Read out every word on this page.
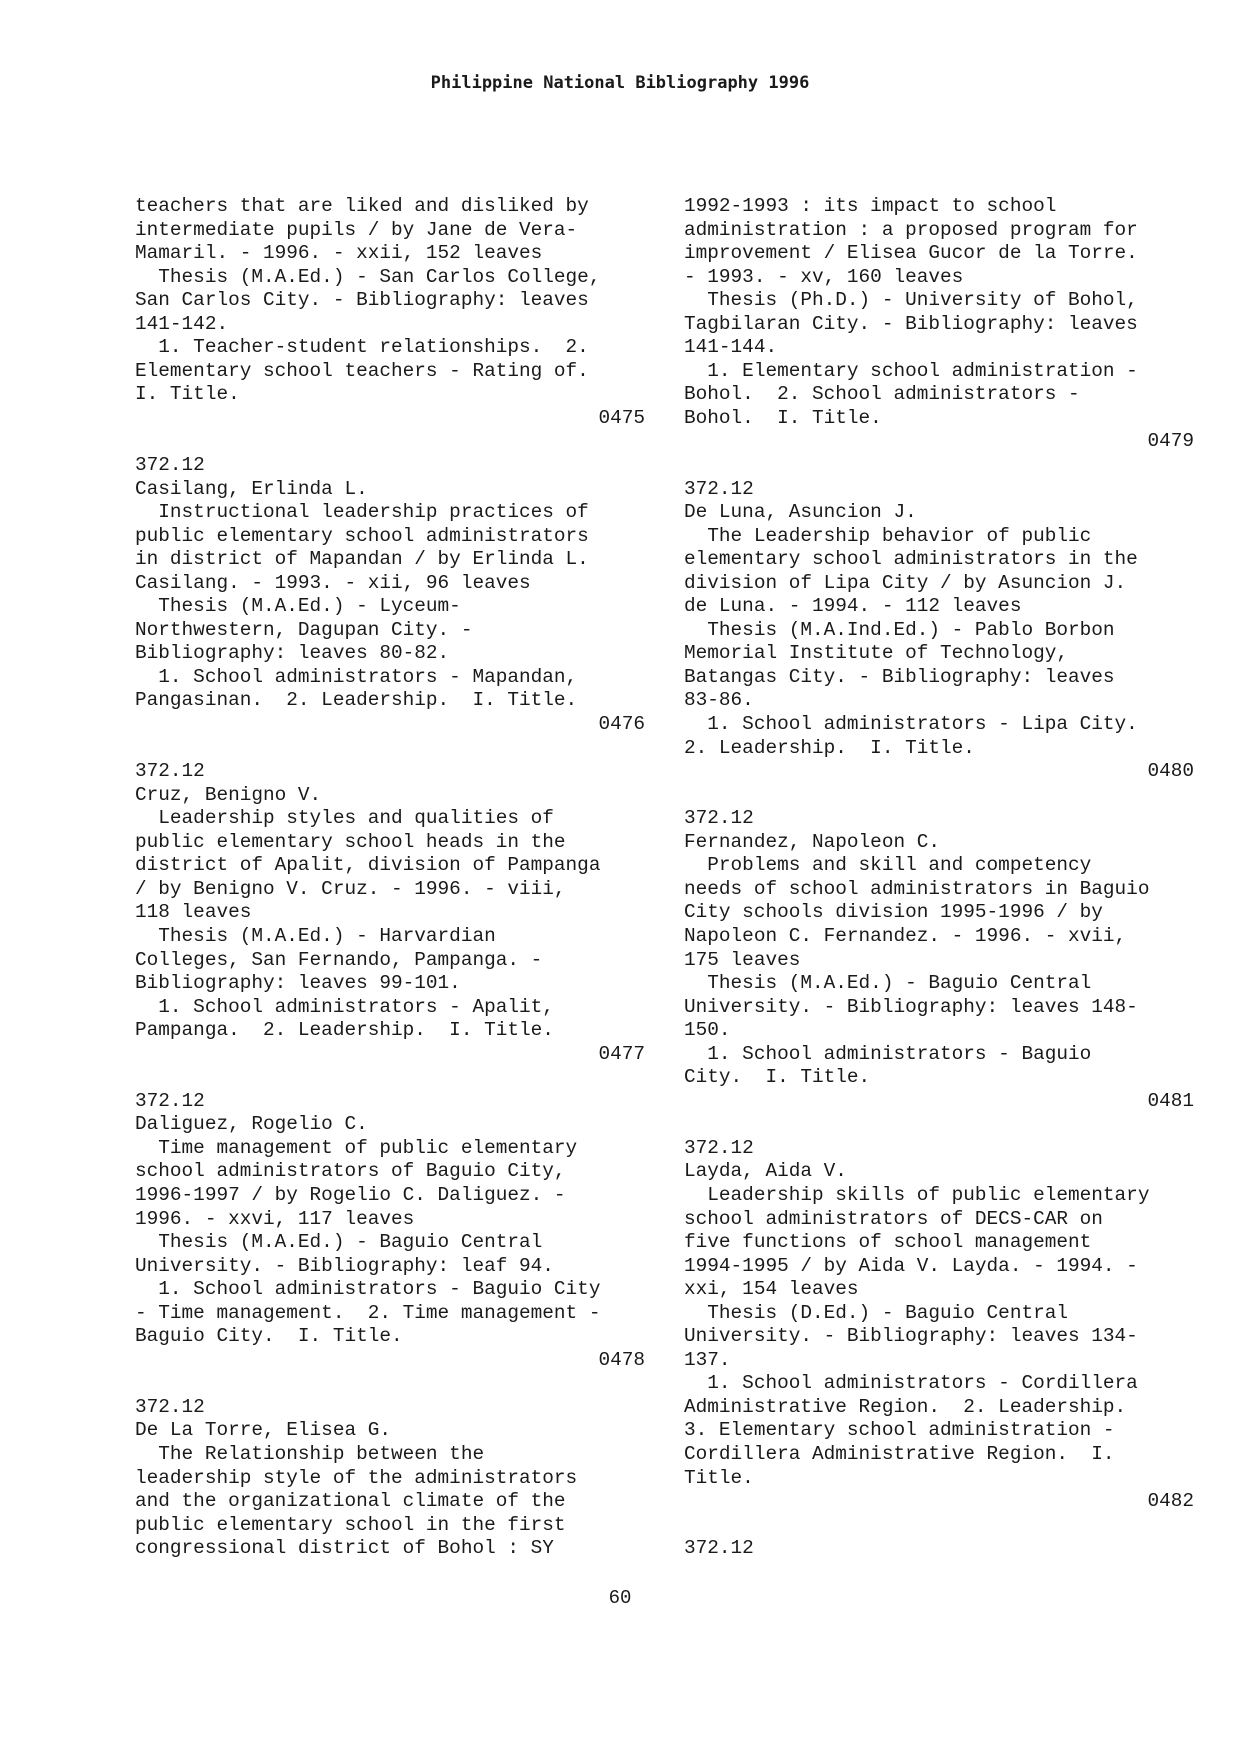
Philippine National Bibliography 1996
teachers that are liked and disliked by
intermediate pupils / by Jane de Vera-
Mamaril. - 1996. - xxii, 152 leaves
Thesis (M.A.Ed.) - San Carlos College,
San Carlos City. - Bibliography: leaves
141-142.
1. Teacher-student relationships.  2.
Elementary school teachers - Rating of.
I. Title.
0475
372.12
Casilang, Erlinda L.
Instructional leadership practices of
public elementary school administrators
in district of Mapandan / by Erlinda L.
Casilang. - 1993. - xii, 96 leaves
Thesis (M.A.Ed.) - Lyceum-
Northwestern, Dagupan City. -
Bibliography: leaves 80-82.
1. School administrators - Mapandan,
Pangasinan.  2. Leadership.  I. Title.
0476
372.12
Cruz, Benigno V.
Leadership styles and qualities of
public elementary school heads in the
district of Apalit, division of Pampanga
/ by Benigno V. Cruz. - 1996. - viii,
118 leaves
Thesis (M.A.Ed.) - Harvardian
Colleges, San Fernando, Pampanga. -
Bibliography: leaves 99-101.
1. School administrators - Apalit,
Pampanga.  2. Leadership.  I. Title.
0477
372.12
Daliguez, Rogelio C.
Time management of public elementary
school administrators of Baguio City,
1996-1997 / by Rogelio C. Daliguez. -
1996. - xxvi, 117 leaves
Thesis (M.A.Ed.) - Baguio Central
University. - Bibliography: leaf 94.
1. School administrators - Baguio City
- Time management.  2. Time management -
Baguio City.  I. Title.
0478
372.12
De La Torre, Elisea G.
The Relationship between the
leadership style of the administrators
and the organizational climate of the
public elementary school in the first
congressional district of Bohol : SY
1992-1993 : its impact to school
administration : a proposed program for
improvement / Elisea Gucor de la Torre.
- 1993. - xv, 160 leaves
Thesis (Ph.D.) - University of Bohol,
Tagbilaran City. - Bibliography: leaves
141-144.
1. Elementary school administration -
Bohol.  2. School administrators -
Bohol.  I. Title.
0479
372.12
De Luna, Asuncion J.
The Leadership behavior of public
elementary school administrators in the
division of Lipa City / by Asuncion J.
de Luna. - 1994. - 112 leaves
Thesis (M.A.Ind.Ed.) - Pablo Borbon
Memorial Institute of Technology,
Batangas City. - Bibliography: leaves
83-86.
1. School administrators - Lipa City.
2. Leadership.  I. Title.
0480
372.12
Fernandez, Napoleon C.
Problems and skill and competency
needs of school administrators in Baguio
City schools division 1995-1996 / by
Napoleon C. Fernandez. - 1996. - xvii,
175 leaves
Thesis (M.A.Ed.) - Baguio Central
University. - Bibliography: leaves 148-
150.
1. School administrators - Baguio
City.  I. Title.
0481
372.12
Layda, Aida V.
Leadership skills of public elementary
school administrators of DECS-CAR on
five functions of school management
1994-1995 / by Aida V. Layda. - 1994. -
xxi, 154 leaves
Thesis (D.Ed.) - Baguio Central
University. - Bibliography: leaves 134-
137.
1. School administrators - Cordillera
Administrative Region.  2. Leadership.
3. Elementary school administration -
Cordillera Administrative Region.  I.
Title.
0482
372.12
60
